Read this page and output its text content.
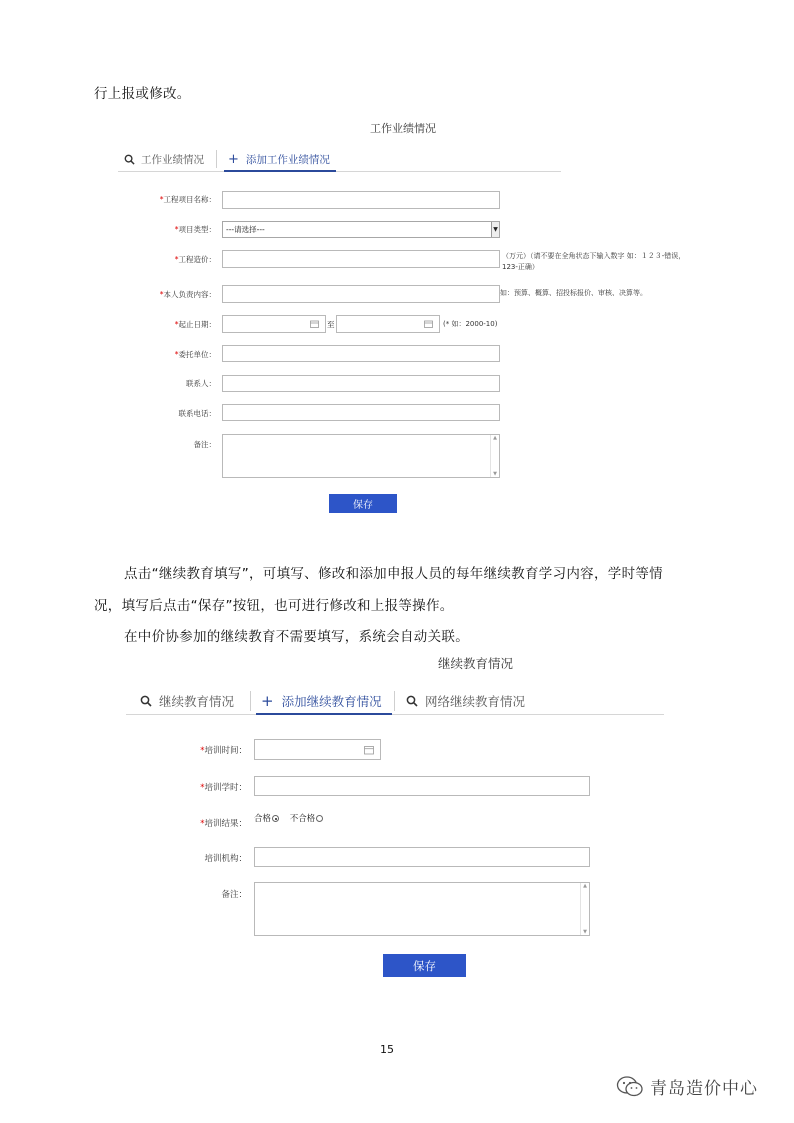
行上报或修改。
工作业绩情况
工作业绩情况 + 添加工作业绩情况
*工程项目名称：
*项目类型： ---请选择---	▼
*工程造价：	（万元）（请不要在全角状态下输入数字 如：１２３-错误，
123-正确）
*本人负责内容：	如：预算、概算、招投标报价、审核、决算等。
*起止日期：	至	(* 如：2000-10)
*委托单位：
联系人：
联系电话：
备注：
▲
▼
保存
点击“继续教育填写”，可填写、修改和添加申报人员的每年继续教育学习内容，学时等情
况，填写后点击“保存”按钮，也可进行修改和上报等操作。
在中价协参加的继续教育不需要填写，系统会自动关联。
继续教育情况
继续教育情况 + 添加继续教育情况	网络继续教育情况
*培训时间：
*培训学时：
*培训结果： 合格 不合格
培训机构：
备注：
▲
▼
保存
15
青岛造价中心
